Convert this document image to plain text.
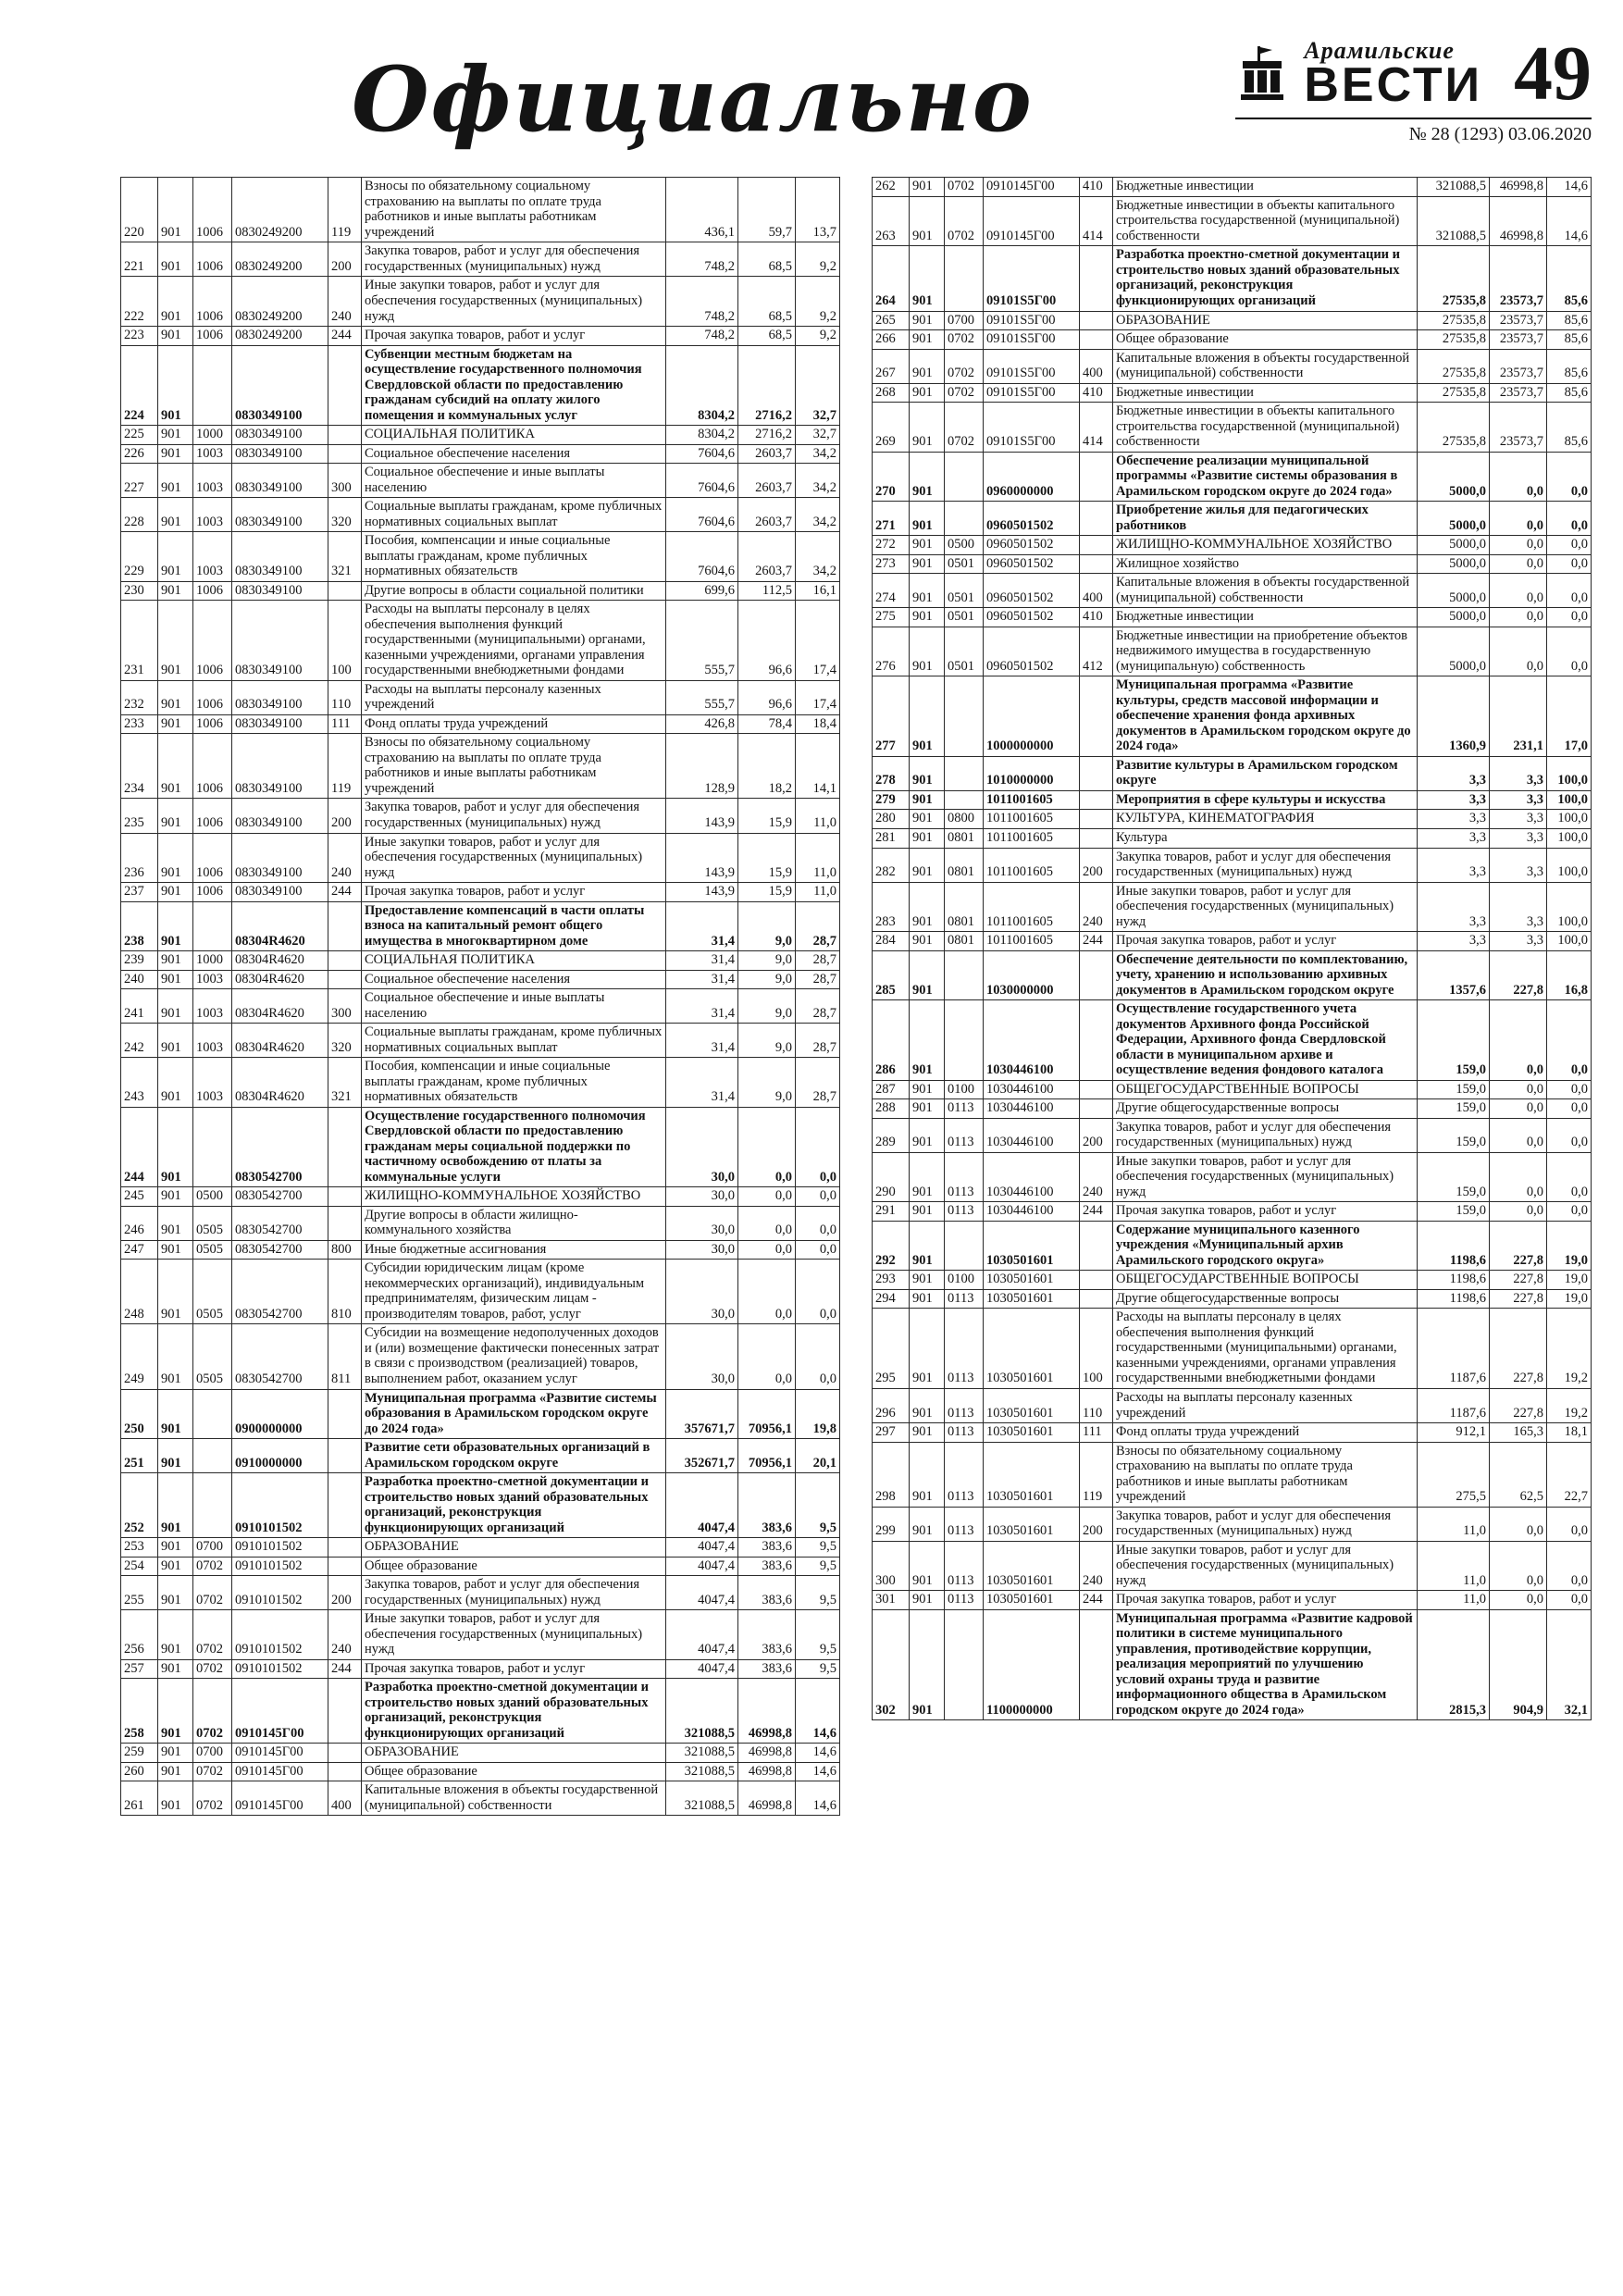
Официально	Арамильские
ВЕСТИ 49
№ 28 (1293) 03.06.2020
220	901	1006	0830249200	119	Взносы по обязательному социальному страхованию на выплаты по оплате труда работников и иные выплаты работникам учреждений	436,1	59,7	13,7
221	901	1006	0830249200	200	Закупка товаров, работ и услуг для обеспечения государственных (муниципальных) нужд	748,2	68,5	9,2
222	901	1006	0830249200	240	Иные закупки товаров, работ и услуг для обеспечения государственных (муниципальных) нужд	748,2	68,5	9,2
223	901	1006	0830249200	244	Прочая закупка товаров, работ и услуг	748,2	68,5	9,2
224	901		0830349100		Субвенции местным бюджетам на осуществление государственного полномочия Свердловской области по предоставлению гражданам субсидий на оплату жилого помещения и коммунальных услуг	8304,2	2716,2	32,7
225	901	1000	0830349100		СОЦИАЛЬНАЯ ПОЛИТИКА	8304,2	2716,2	32,7
226	901	1003	0830349100		Социальное обеспечение населения	7604,6	2603,7	34,2
227	901	1003	0830349100	300	Социальное обеспечение и иные выплаты населению	7604,6	2603,7	34,2
228	901	1003	0830349100	320	Социальные выплаты гражданам, кроме публичных нормативных социальных выплат	7604,6	2603,7	34,2
229	901	1003	0830349100	321	Пособия, компенсации и иные социальные выплаты гражданам, кроме публичных нормативных обязательств	7604,6	2603,7	34,2
230	901	1006	0830349100		Другие вопросы в области социальной политики	699,6	112,5	16,1
231	901	1006	0830349100	100	Расходы на выплаты персоналу в целях обеспечения выполнения функций государственными (муниципальными) органами, казенными учреждениями, органами управления государственными внебюджетными фондами	555,7	96,6	17,4
232	901	1006	0830349100	110	Расходы на выплаты персоналу казенных учреждений	555,7	96,6	17,4
233	901	1006	0830349100	111	Фонд оплаты труда учреждений	426,8	78,4	18,4
234	901	1006	0830349100	119	Взносы по обязательному социальному страхованию на выплаты по оплате труда работников и иные выплаты работникам учреждений	128,9	18,2	14,1
235	901	1006	0830349100	200	Закупка товаров, работ и услуг для обеспечения государственных (муниципальных) нужд	143,9	15,9	11,0
236	901	1006	0830349100	240	Иные закупки товаров, работ и услуг для обеспечения государственных (муниципальных) нужд	143,9	15,9	11,0
237	901	1006	0830349100	244	Прочая закупка товаров, работ и услуг	143,9	15,9	11,0
238	901		08304R4620		Предоставление компенсаций в части оплаты взноса на капитальный ремонт общего имущества в многоквартирном доме	31,4	9,0	28,7
239	901	1000	08304R4620		СОЦИАЛЬНАЯ ПОЛИТИКА	31,4	9,0	28,7
240	901	1003	08304R4620		Социальное обеспечение населения	31,4	9,0	28,7
241	901	1003	08304R4620	300	Социальное обеспечение и иные выплаты населению	31,4	9,0	28,7
242	901	1003	08304R4620	320	Социальные выплаты гражданам, кроме публичных нормативных социальных выплат	31,4	9,0	28,7
243	901	1003	08304R4620	321	Пособия, компенсации и иные социальные выплаты гражданам, кроме публичных нормативных обязательств	31,4	9,0	28,7
244	901		0830542700		Осуществление государственного полномочия Свердловской области по предоставлению гражданам меры социальной поддержки по частичному освобождению от платы за коммунальные услуги	30,0	0,0	0,0
245	901	0500	0830542700		ЖИЛИЩНО-КОММУНАЛЬНОЕ ХОЗЯЙСТВО	30,0	0,0	0,0
246	901	0505	0830542700		Другие вопросы в области жилищно-коммунального хозяйства	30,0	0,0	0,0
247	901	0505	0830542700	800	Иные бюджетные ассигнования	30,0	0,0	0,0
248	901	0505	0830542700	810	Субсидии юридическим лицам (кроме некоммерческих организаций), индивидуальным предпринимателям, физическим лицам - производителям товаров, работ, услуг	30,0	0,0	0,0
249	901	0505	0830542700	811	Субсидии на возмещение недополученных доходов и (или) возмещение фактически понесенных затрат в связи с производством (реализацией) товаров, выполнением работ, оказанием услуг	30,0	0,0	0,0
250	901		0900000000		Муниципальная программа «Развитие системы образования в Арамильском городском округе до 2024 года»	357671,7	70956,1	19,8
251	901		0910000000		Развитие сети образовательных организаций в Арамильском городском округе	352671,7	70956,1	20,1
252	901		0910101502		Разработка проектно-сметной документации и строительство новых зданий образовательных организаций, реконструкция функционирующих организаций	4047,4	383,6	9,5
253	901	0700	0910101502		ОБРАЗОВАНИЕ	4047,4	383,6	9,5
254	901	0702	0910101502		Общее образование	4047,4	383,6	9,5
255	901	0702	0910101502	200	Закупка товаров, работ и услуг для обеспечения государственных (муниципальных) нужд	4047,4	383,6	9,5
256	901	0702	0910101502	240	Иные закупки товаров, работ и услуг для обеспечения государственных (муниципальных) нужд	4047,4	383,6	9,5
257	901	0702	0910101502	244	Прочая закупка товаров, работ и услуг	4047,4	383,6	9,5
258	901	0702	0910145Г00		Разработка проектно-сметной документации и строительство новых зданий образовательных организаций, реконструкция функционирующих организаций	321088,5	46998,8	14,6
259	901	0700	0910145Г00		ОБРАЗОВАНИЕ	321088,5	46998,8	14,6
260	901	0702	0910145Г00		Общее образование	321088,5	46998,8	14,6
261	901	0702	0910145Г00	400	Капитальные вложения в объекты государственной (муниципальной) собственности	321088,5	46998,8	14,6
262	901	0702	0910145Г00	410	Бюджетные инвестиции	321088,5	46998,8	14,6
263	901	0702	0910145Г00	414	Бюджетные инвестиции в объекты капитального строительства государственной (муниципальной) собственности	321088,5	46998,8	14,6
264	901		09101S5Г00		Разработка проектно-сметной документации и строительство новых зданий образовательных организаций, реконструкция функционирующих организаций	27535,8	23573,7	85,6
265	901	0700	09101S5Г00		ОБРАЗОВАНИЕ	27535,8	23573,7	85,6
266	901	0702	09101S5Г00		Общее образование	27535,8	23573,7	85,6
267	901	0702	09101S5Г00	400	Капитальные вложения в объекты государственной (муниципальной) собственности	27535,8	23573,7	85,6
268	901	0702	09101S5Г00	410	Бюджетные инвестиции	27535,8	23573,7	85,6
269	901	0702	09101S5Г00	414	Бюджетные инвестиции в объекты капитального строительства государственной (муниципальной) собственности	27535,8	23573,7	85,6
270	901		0960000000		Обеспечение реализации муниципальной программы «Развитие системы образования в Арамильском городском округе до 2024 года»	5000,0	0,0	0,0
271	901		0960501502		Приобретение жилья для педагогических работников	5000,0	0,0	0,0
272	901	0500	0960501502		ЖИЛИЩНО-КОММУНАЛЬНОЕ ХОЗЯЙСТВО	5000,0	0,0	0,0
273	901	0501	0960501502		Жилищное хозяйство	5000,0	0,0	0,0
274	901	0501	0960501502	400	Капитальные вложения в объекты государственной (муниципальной) собственности	5000,0	0,0	0,0
275	901	0501	0960501502	410	Бюджетные инвестиции	5000,0	0,0	0,0
276	901	0501	0960501502	412	Бюджетные инвестиции на приобретение объектов недвижимого имущества в государственную (муниципальную) собственность	5000,0	0,0	0,0
277	901		1000000000		Муниципальная программа «Развитие культуры, средств массовой информации и обеспечение хранения фонда архивных документов в Арамильском городском округе до 2024 года»	1360,9	231,1	17,0
278	901		1010000000		Развитие культуры в Арамильском городском округе	3,3	3,3	100,0
279	901		1011001605		Мероприятия в сфере культуры и искусства	3,3	3,3	100,0
280	901	0800	1011001605		КУЛЬТУРА, КИНЕМАТОГРАФИЯ	3,3	3,3	100,0
281	901	0801	1011001605		Культура	3,3	3,3	100,0
282	901	0801	1011001605	200	Закупка товаров, работ и услуг для обеспечения государственных (муниципальных) нужд	3,3	3,3	100,0
283	901	0801	1011001605	240	Иные закупки товаров, работ и услуг для обеспечения государственных (муниципальных) нужд	3,3	3,3	100,0
284	901	0801	1011001605	244	Прочая закупка товаров, работ и услуг	3,3	3,3	100,0
285	901		1030000000		Обеспечение деятельности по комплектованию, учету, хранению и использованию архивных документов в Арамильском городском округе	1357,6	227,8	16,8
286	901		1030446100		Осуществление государственного учета документов Архивного фонда Российской Федерации, Архивного фонда Свердловской области в муниципальном архиве и осуществление ведения фондового каталога	159,0	0,0	0,0
287	901	0100	1030446100		ОБЩЕГОСУДАРСТВЕННЫЕ ВОПРОСЫ	159,0	0,0	0,0
288	901	0113	1030446100		Другие общегосударственные вопросы	159,0	0,0	0,0
289	901	0113	1030446100	200	Закупка товаров, работ и услуг для обеспечения государственных (муниципальных) нужд	159,0	0,0	0,0
290	901	0113	1030446100	240	Иные закупки товаров, работ и услуг для обеспечения государственных (муниципальных) нужд	159,0	0,0	0,0
291	901	0113	1030446100	244	Прочая закупка товаров, работ и услуг	159,0	0,0	0,0
292	901		1030501601		Содержание муниципального казенного учреждения «Муниципальный архив Арамильского городского округа»	1198,6	227,8	19,0
293	901	0100	1030501601		ОБЩЕГОСУДАРСТВЕННЫЕ ВОПРОСЫ	1198,6	227,8	19,0
294	901	0113	1030501601		Другие общегосударственные вопросы	1198,6	227,8	19,0
295	901	0113	1030501601	100	Расходы на выплаты персоналу в целях обеспечения выполнения функций государственными (муниципальными) органами, казенными учреждениями, органами управления государственными внебюджетными фондами	1187,6	227,8	19,2
296	901	0113	1030501601	110	Расходы на выплаты персоналу казенных учреждений	1187,6	227,8	19,2
297	901	0113	1030501601	111	Фонд оплаты труда учреждений	912,1	165,3	18,1
298	901	0113	1030501601	119	Взносы по обязательному социальному страхованию на выплаты по оплате труда работников и иные выплаты работникам учреждений	275,5	62,5	22,7
299	901	0113	1030501601	200	Закупка товаров, работ и услуг для обеспечения государственных (муниципальных) нужд	11,0	0,0	0,0
300	901	0113	1030501601	240	Иные закупки товаров, работ и услуг для обеспечения государственных (муниципальных) нужд	11,0	0,0	0,0
301	901	0113	1030501601	244	Прочая закупка товаров, работ и услуг	11,0	0,0	0,0
302	901		1100000000		Муниципальная программа «Развитие кадровой политики в системе муниципального управления, противодействие коррупции, реализация мероприятий по улучшению условий охраны труда и развитие информационного общества в Арамильском городском округе до 2024 года»	2815,3	904,9	32,1
